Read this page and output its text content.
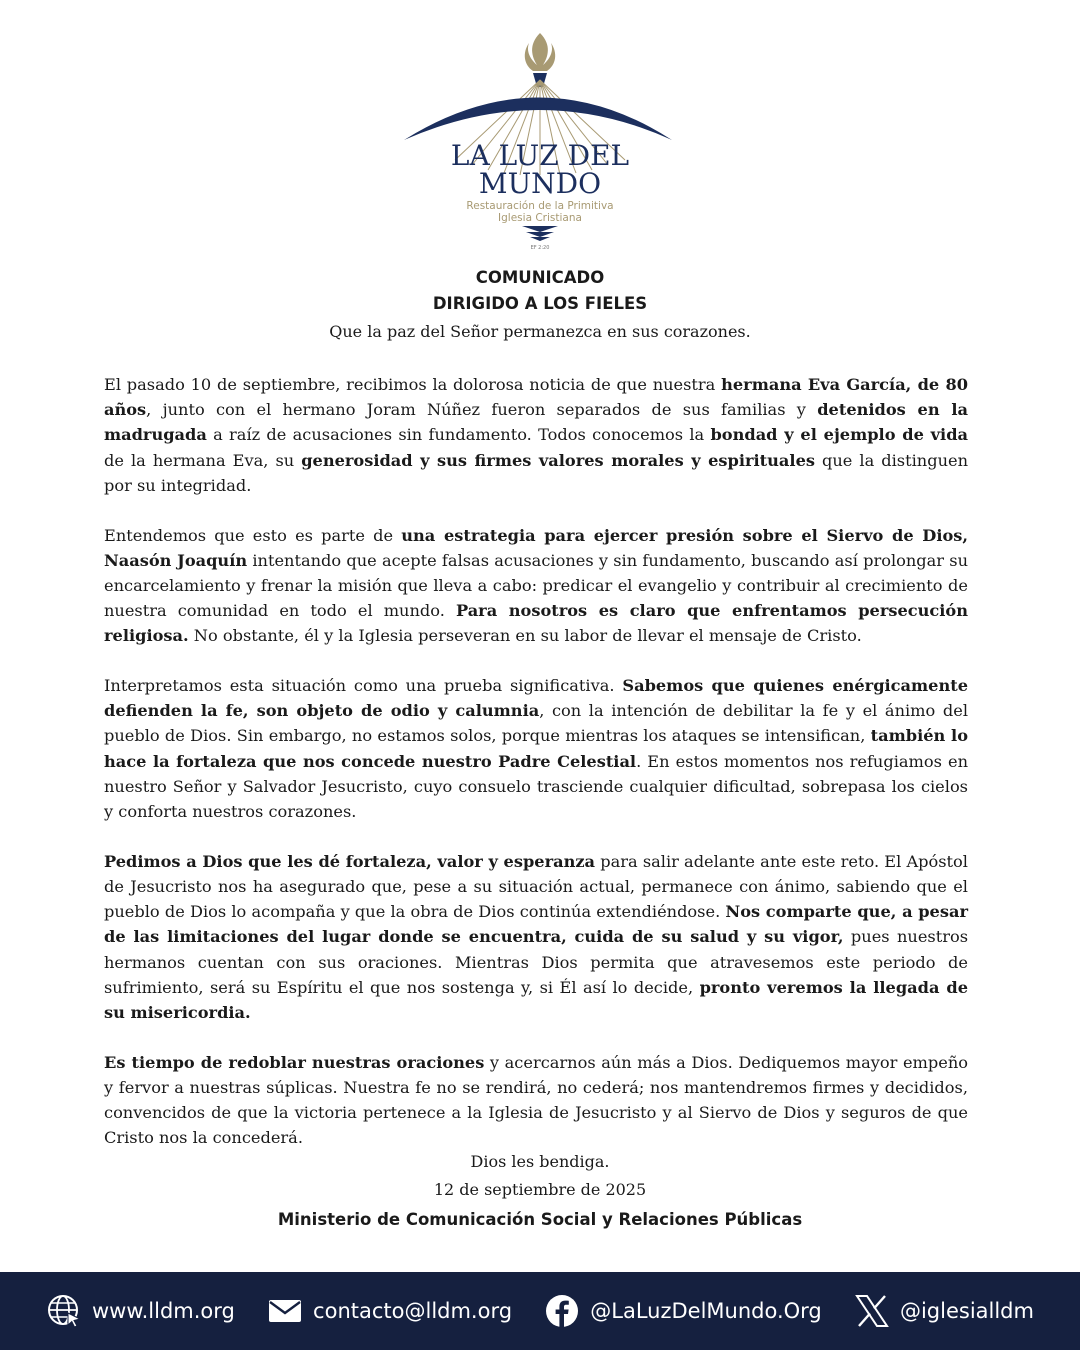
LA LUZ DEL
MUNDO
Restauración de la Primitiva
Iglesia Cristiana
EF 2:20
COMUNICADO
DIRIGIDO A LOS FIELES
Que la paz del Señor permanezca en sus corazones.

El pasado 10 de septiembre, recibimos la dolorosa noticia de que nuestra hermana Eva García, de 80 años, junto con el hermano Joram Núñez fueron separados de sus familias y detenidos en la madrugada a raíz de acusaciones sin fundamento. Todos conocemos la bondad y el ejemplo de vida de la hermana Eva, su generosidad y sus firmes valores morales y espirituales que la distinguen por su integridad.

Entendemos que esto es parte de una estrategia para ejercer presión sobre el Siervo de Dios, Naasón Joaquín intentando que acepte falsas acusaciones y sin fundamento, buscando así prolongar su encarcelamiento y frenar la misión que lleva a cabo: predicar el evangelio y contribuir al crecimiento de nuestra comunidad en todo el mundo. Para nosotros es claro que enfrentamos persecución religiosa. No obstante, él y la Iglesia perseveran en su labor de llevar el mensaje de Cristo.

Interpretamos esta situación como una prueba significativa. Sabemos que quienes enérgicamente defienden la fe, son objeto de odio y calumnia, con la intención de debilitar la fe y el ánimo del pueblo de Dios. Sin embargo, no estamos solos, porque mientras los ataques se intensifican, también lo hace la fortaleza que nos concede nuestro Padre Celestial. En estos momentos nos refugiamos en nuestro Señor y Salvador Jesucristo, cuyo consuelo trasciende cualquier dificultad, sobrepasa los cielos y conforta nuestros corazones.

Pedimos a Dios que les dé fortaleza, valor y esperanza para salir adelante ante este reto. El Apóstol de Jesucristo nos ha asegurado que, pese a su situación actual, permanece con ánimo, sabiendo que el pueblo de Dios lo acompaña y que la obra de Dios continúa extendiéndose. Nos comparte que, a pesar de las limitaciones del lugar donde se encuentra, cuida de su salud y su vigor, pues nuestros hermanos cuentan con sus oraciones. Mientras Dios permita que atravesemos este periodo de sufrimiento, será su Espíritu el que nos sostenga y, si Él así lo decide, pronto veremos la llegada de su misericordia.

Es tiempo de redoblar nuestras oraciones y acercarnos aún más a Dios. Dediquemos mayor empeño y fervor a nuestras súplicas. Nuestra fe no se rendirá, no cederá; nos mantendremos firmes y decididos, convencidos de que la victoria pertenece a la Iglesia de Jesucristo y al Siervo de Dios y seguros de que Cristo nos la concederá.

Dios les bendiga.
12 de septiembre de 2025
Ministerio de Comunicación Social y Relaciones Públicas
www.lldm.org	contacto@lldm.org	@LaLuzDelMundo.Org	@iglesialldm
